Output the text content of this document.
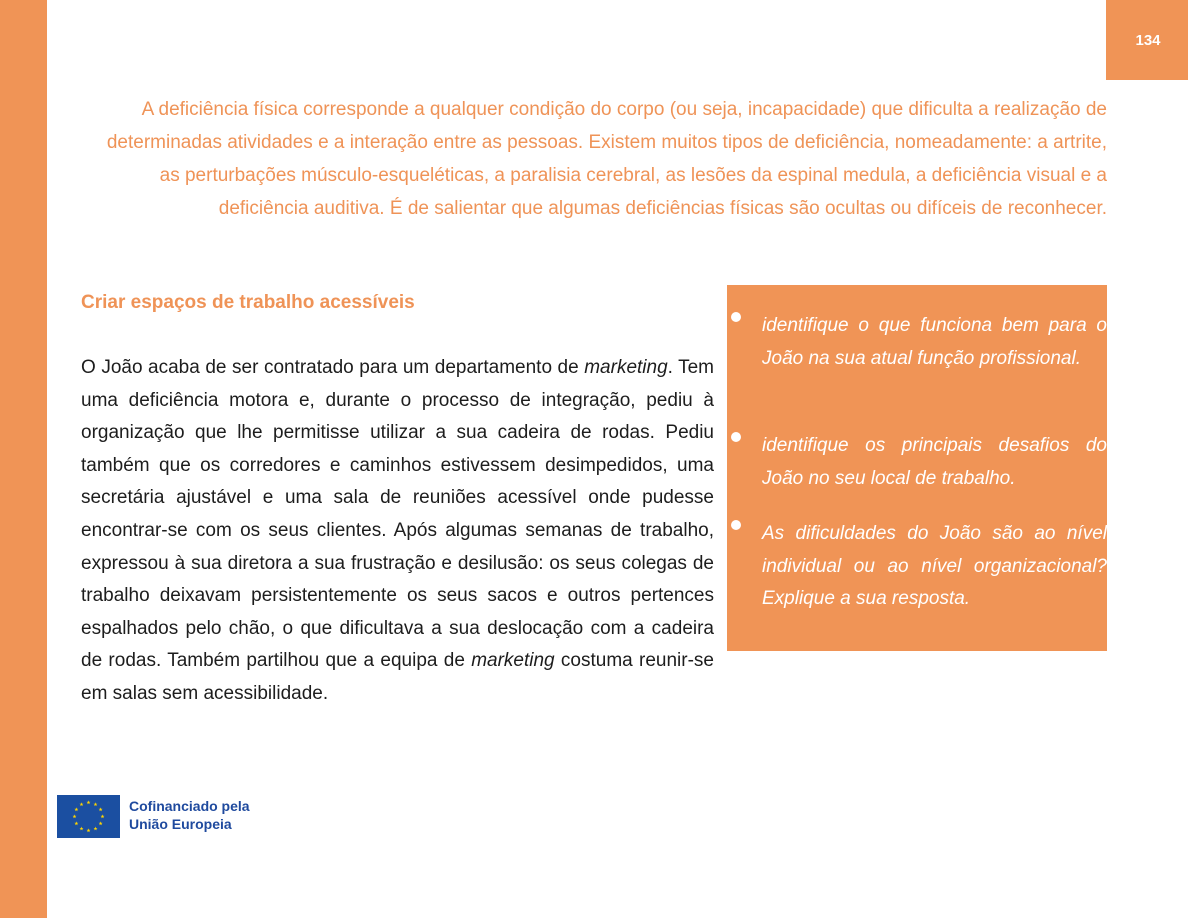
134

A deficiência física corresponde a qualquer condição do corpo (ou seja, incapacidade) que dificulta a realização de determinadas atividades e a interação entre as pessoas. Existem muitos tipos de deficiência, nomeadamente: a artrite, as perturbações músculo-esqueléticas, a paralisia cerebral, as lesões da espinal medula, a deficiência visual e a deficiência auditiva. É de salientar que algumas deficiências físicas são ocultas ou difíceis de reconhecer.

Criar espaços de trabalho acessíveis

O João acaba de ser contratado para um departamento de marketing. Tem uma deficiência motora e, durante o processo de integração, pediu à organização que lhe permitisse utilizar a sua cadeira de rodas. Pediu também que os corredores e caminhos estivessem desimpedidos, uma secretária ajustável e uma sala de reuniões acessível onde pudesse encontrar-se com os seus clientes. Após algumas semanas de trabalho, expressou à sua diretora a sua frustração e desilusão: os seus colegas de trabalho deixavam persistentemente os seus sacos e outros pertences espalhados pelo chão, o que dificultava a sua deslocação com a cadeira de rodas. Também partilhou que a equipa de marketing costuma reunir-se em salas sem acessibilidade.

identifique o que funciona bem para o João na sua atual função profissional.

identifique os principais desafios do João no seu local de trabalho.

As dificuldades do João são ao nível individual ou ao nível organizacional? Explique a sua resposta.

Cofinanciado pela
União Europeia
